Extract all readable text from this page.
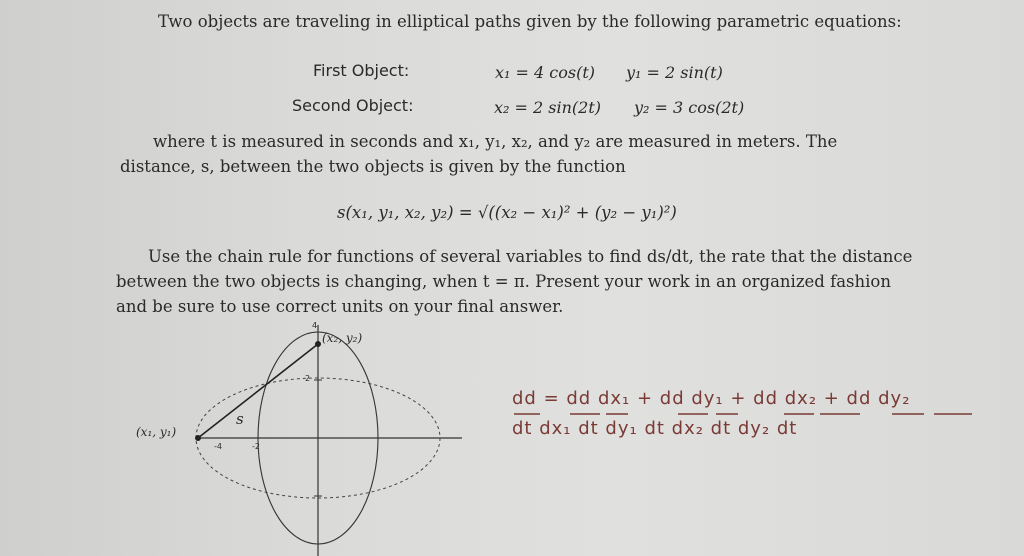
Two objects are traveling in elliptical paths given by the following parametric equations:
First Object:	x₁ = 4 cos(t) y₁ = 2 sin(t)
Second Object:	x₂ = 2 sin(2t) y₂ = 3 cos(2t)
where t is measured in seconds and x₁, y₁, x₂, and y₂ are measured in meters. The
distance, s, between the two objects is given by the function
s(x₁, y₁, x₂, y₂) = √((x₂ − x₁)² + (y₂ − y₁)²)
Use the chain rule for functions of several variables to find ds/dt, the rate that the distance
between the two objects is changing, when t = π. Present your work in an organized fashion
and be sure to use correct units on your final answer.
(x₂, y₂)
(x₁, y₁)
s
4
2
-4	-2
dd = dd dx₁ + dd dy₁ + dd dx₂ + dd dy₂
dt dx₁ dt dy₁ dt dx₂ dt dy₂ dt
